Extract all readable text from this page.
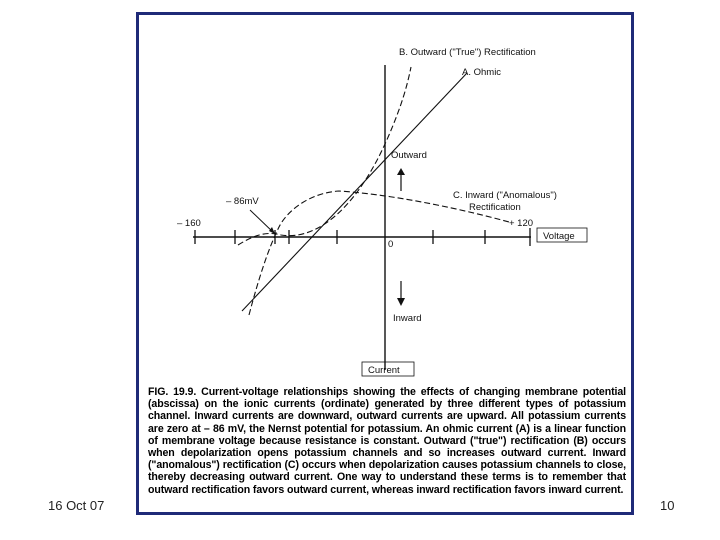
16 Oct 07	10
B. Outward ("True") Rectification
A. Ohmic
Outward
C. Inward ("Anomalous")
Rectification
– 86mV
– 160	+ 120
Voltage
0
Inward
Current
FIG. 19.9. Current-voltage relationships showing the effects of changing membrane potential (abscissa) on the ionic currents (ordinate) generated by three different types of potassium channel. Inward currents are downward, outward currents are upward. All potassium currents are zero at – 86 mV, the Nernst potential for potassium. An ohmic current (A) is a linear function of membrane voltage because resistance is constant. Outward ("true") rectification (B) occurs when depolarization opens potassium channels and so increases outward current. Inward ("anomalous") rectification (C) occurs when depolarization causes potassium channels to close, thereby decreasing outward current. One way to understand these terms is to remember that outward rectification favors outward current, whereas inward rectification favors inward current.
